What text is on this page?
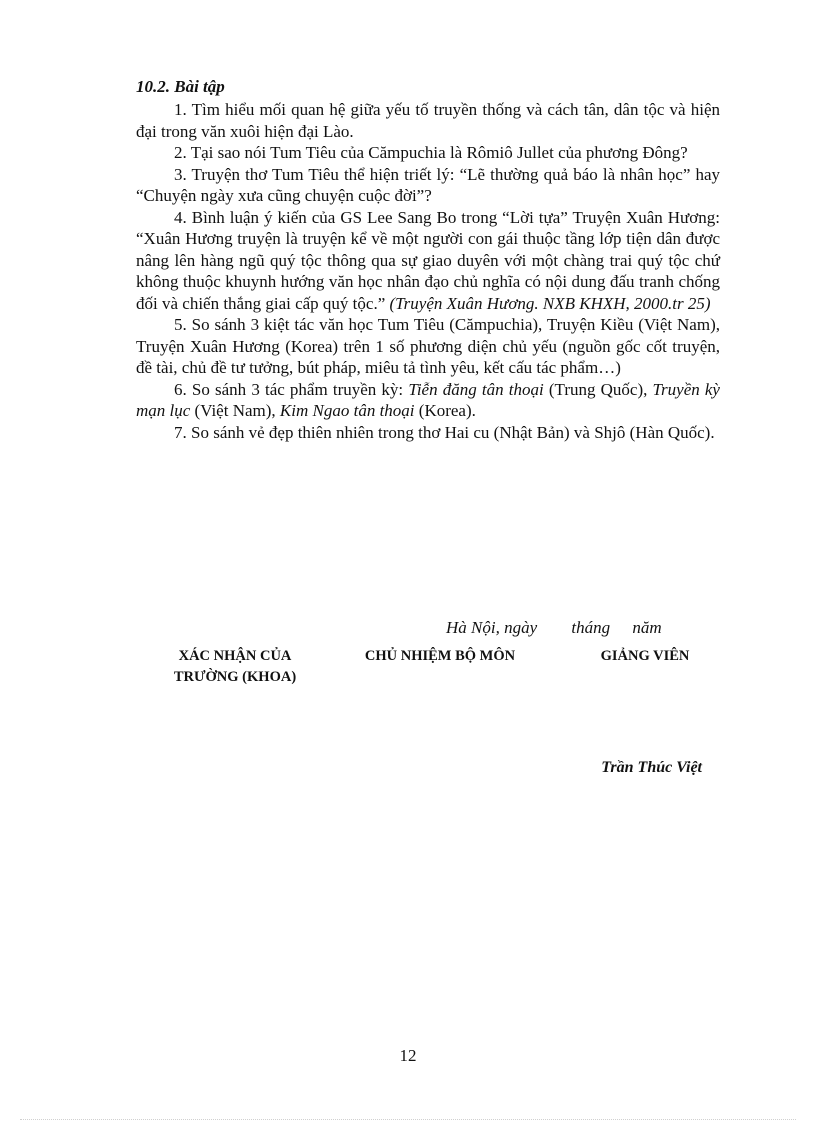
10.2. Bài tập

1. Tìm hiểu mối quan hệ giữa yếu tố truyền thống và cách tân, dân tộc và hiện đại trong văn xuôi hiện đại Lào.

2. Tại sao nói Tum Tiêu của Cămpuchia là Rômiô Jullet của phương Đông?

3. Truyện thơ Tum Tiêu thể hiện triết lý: “Lẽ thường quả báo là nhân học” hay “Chuyện ngày xưa cũng chuyện cuộc đời”?

4. Bình luận ý kiến của GS Lee Sang Bo trong “Lời tựa” Truyện Xuân Hương: “Xuân Hương truyện là truyện kể về một người con gái thuộc tầng lớp tiện dân được nâng lên hàng ngũ quý tộc thông qua sự giao duyên với một chàng trai quý tộc chứ không thuộc khuynh hướng văn học nhân đạo chủ nghĩa có nội dung đấu tranh chống đối và chiến thắng giai cấp quý tộc.” (Truyện Xuân Hương. NXB KHXH, 2000.tr 25)

5. So sánh 3 kiệt tác văn học Tum Tiêu (Cămpuchia), Truyện Kiều (Việt Nam), Truyện Xuân Hương (Korea) trên 1 số phương diện chủ yếu (nguồn gốc cốt truyện, đề tài, chủ đề tư tưởng, bút pháp, miêu tả tình yêu, kết cấu tác phẩm…)

6. So sánh 3 tác phẩm truyền kỳ: Tiễn đăng tân thoại (Trung Quốc), Truyền kỳ mạn lục (Việt Nam), Kim Ngao tân thoại (Korea).

7. So sánh vẻ đẹp thiên nhiên trong thơ Hai cu (Nhật Bản) và Shjô (Hàn Quốc).

Hà Nội, ngày tháng năm
XÁC NHẬN CỦA
TRƯỜNG (KHOA)
CHỦ NHIỆM BỘ MÔN	GIẢNG VIÊN
Trần Thúc Việt
12
